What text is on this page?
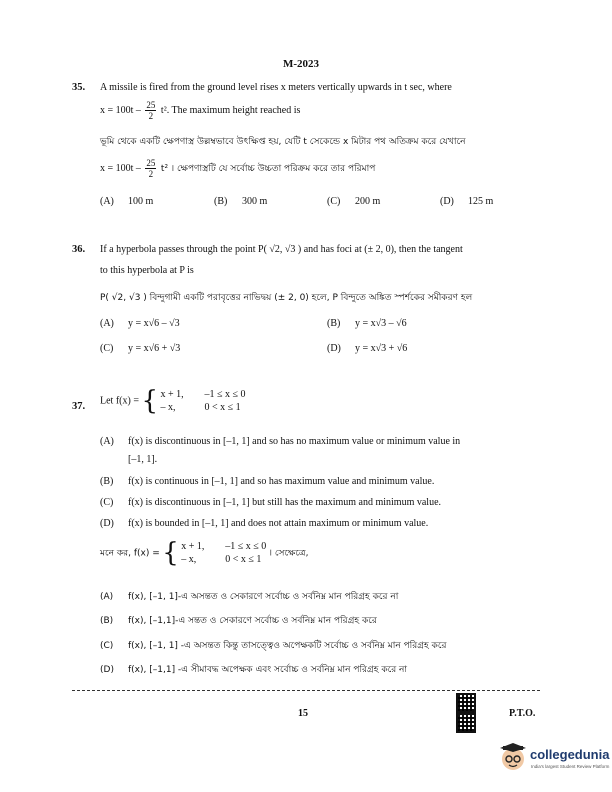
M-2023
35. A missile is fired from the ground level rises x meters vertically upwards in t sec, where
$x = 100t - \frac{25}{2} t^2$. The maximum height reached is
ভূমি থেকে একটি ক্ষেপণাস্ত্র উল্লম্বভাবে উৎক্ষিপ্ত হয়, যেটি t সেকেন্ডে x মিটার পথ অতিক্রম করে যেখানে
$x = 100t - \frac{25}{2} t^2$ । ক্ষেপণাস্ত্রটি যে সর্বোচ্চ উচ্চতা পরিক্রম করে তার পরিমাপ
(A) 100 m	(B) 300 m	(C) 200 m	(D) 125 m
36. If a hyperbola passes through the point P( √2, √3 ) and has foci at (± 2, 0), then the tangent
to this hyperbola at P is
P( √2, √3 ) বিন্দুগামী একটি পরাবৃত্তের নাভিদ্বয় (± 2, 0) হলে, P বিন্দুতে অঙ্কিত স্পর্শকের সমীকরণ হল
(A) y = x√6 – √3	(B) y = x√3 – √6
(C) y = x√6 + √3	(D) y = x√3 + √6
37. Let f(x) = { x + 1, –1 ≤ x ≤ 0
– x,	0 < x ≤ 1
(A) f(x) is discontinuous in [–1, 1] and so has no maximum value or minimum value in
[–1, 1].
(B) f(x) is continuous in [–1, 1] and so has maximum value and minimum value.
(C) f(x) is discontinuous in [–1, 1] but still has the maximum and minimum value.
(D) f(x) is bounded in [–1, 1] and does not attain maximum or minimum value.
মনে কর, f(x) = { x + 1, –1 ≤ x ≤ 0
– x,	0 < x ≤ 1
। সেক্ষেত্রে,
(A) f(x), [–1, 1]-এ অসন্তত ও সেকারণে সর্বোচ্চ ও সর্বনিম্ন মান পরিগ্রহ করে না
(B) f(x), [–1,1]-এ সন্তত ও সেকারণে সর্বোচ্চ ও সর্বনিম্ন মান পরিগ্রহ করে
(C) f(x), [–1, 1] -এ অসন্তত কিন্তু তাসত্ত্বেও অপেক্ষকটি সর্বোচ্চ ও সর্বনিম্ন মান পরিগ্রহ করে
(D) f(x), [–1,1] -এ সীমাবদ্ধ অপেক্ষক এবং সর্বোচ্চ ও সর্বনিম্ন মান পরিগ্রহ করে না
15	P.T.O.
collegedunia
India's largest Student Review Platform
